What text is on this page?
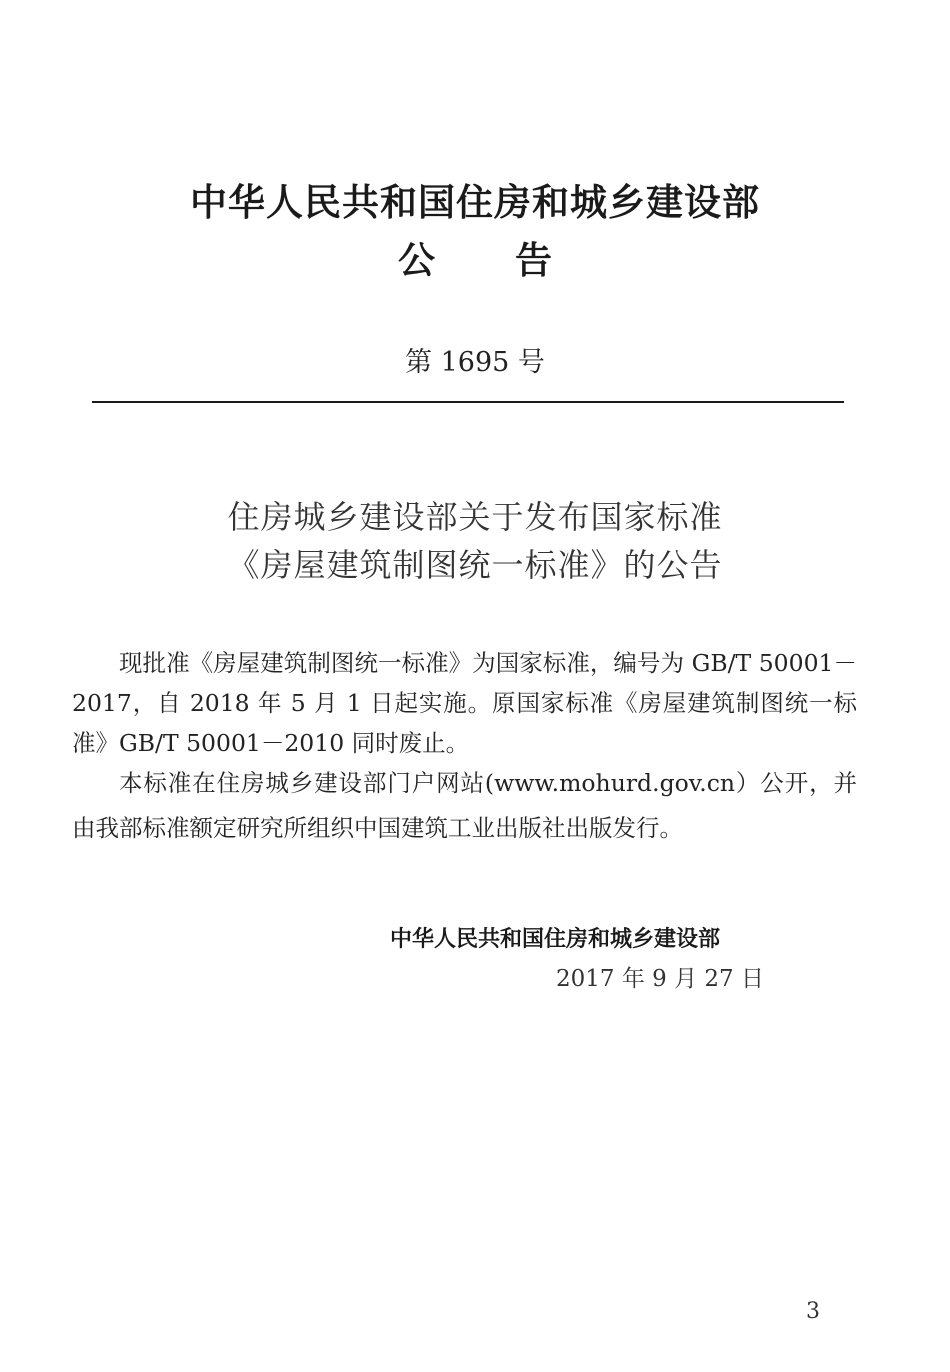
中华人民共和国住房和城乡建设部
公告
第 1695 号
住房城乡建设部关于发布国家标准
《房屋建筑制图统一标准》的公告

现批准《房屋建筑制图统一标准》为国家标准，编号为 GB/T 50001－2017，自 2018 年 5 月 1 日起实施。原国家标准《房屋建筑制图统一标准》GB/T 50001－2010 同时废止。

本标准在住房城乡建设部门户网站(www.mohurd.gov.cn）公开，并由我部标准额定研究所组织中国建筑工业出版社出版发行。

中华人民共和国住房和城乡建设部
2017 年 9 月 27 日
3
